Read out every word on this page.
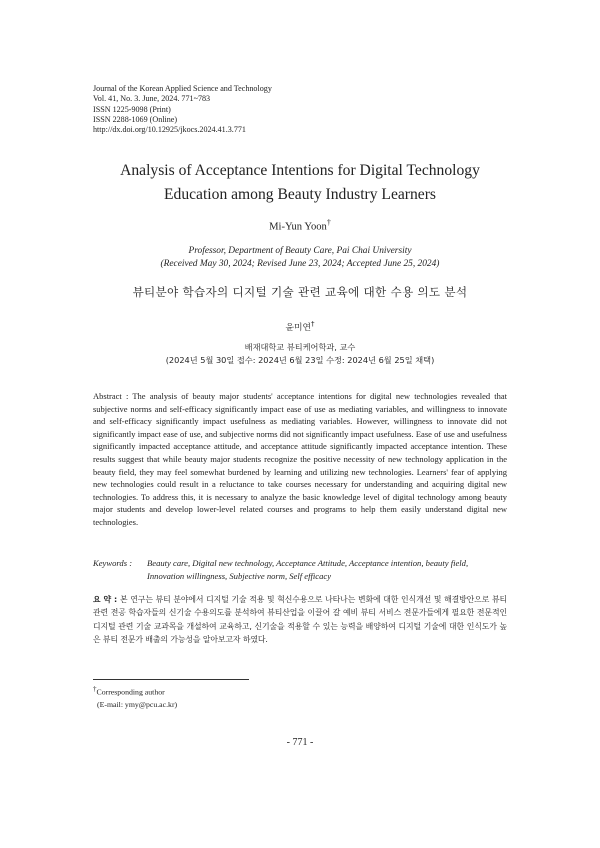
Journal of the Korean Applied Science and Technology
Vol. 41, No. 3. June, 2024. 771~783
ISSN 1225-9098 (Print)
ISSN 2288-1069 (Online)
http://dx.doi.org/10.12925/jkocs.2024.41.3.771
Analysis of Acceptance Intentions for Digital Technology
Education among Beauty Industry Learners
Mi-Yun Yoon†
Professor, Department of Beauty Care, Pai Chai University
(Received May 30, 2024; Revised June 23, 2024; Accepted June 25, 2024)
뷰티분야 학습자의 디지털 기술 관련 교육에 대한 수용 의도 분석
윤미연†
배재대학교 뷰티케어학과, 교수
(2024년 5월 30일 접수: 2024년 6월 23일 수정: 2024년 6월 25일 채택)
Abstract : The analysis of beauty major students' acceptance intentions for digital new technologies revealed that subjective norms and self-efficacy significantly impact ease of use as mediating variables, and willingness to innovate and self-efficacy significantly impact usefulness as mediating variables. However, willingness to innovate did not significantly impact ease of use, and subjective norms did not significantly impact usefulness. Ease of use and usefulness significantly impacted acceptance attitude, and acceptance attitude significantly impacted acceptance intention. These results suggest that while beauty major students recognize the positive necessity of new technology application in the beauty field, they may feel somewhat burdened by learning and utilizing new technologies. Learners' fear of applying new technologies could result in a reluctance to take courses necessary for understanding and acquiring digital new technologies. To address this, it is necessary to analyze the basic knowledge level of digital technology among beauty major students and develop lower-level related courses and programs to help them easily understand digital new technologies.
Keywords :	Beauty care, Digital new technology, Acceptance Attitude, Acceptance intention, beauty field, Innovation willingness, Subjective norm, Self efficacy
요 약 : 본 연구는 뷰티 분야에서 디지털 기술 적용 및 혁신수용으로 나타나는 변화에 대한 인식개선 및 해결방안으로 뷰티관련 전공 학습자들의 신기술 수용의도를 분석하여 뷰티산업을 이끌어 갈 예비 뷰티 서비스 전문가들에게 필요한 전문적인 디지털 관련 기술 교과목을 개설하여 교육하고, 신기술을 적용할 수 있는 능력을 배양하여 디지털 기술에 대한 인식도가 높은 뷰티 전문가 배출의 가능성을 알아보고자 하였다.
†Corresponding author
(E-mail: ymy@pcu.ac.kr)
- 771 -
